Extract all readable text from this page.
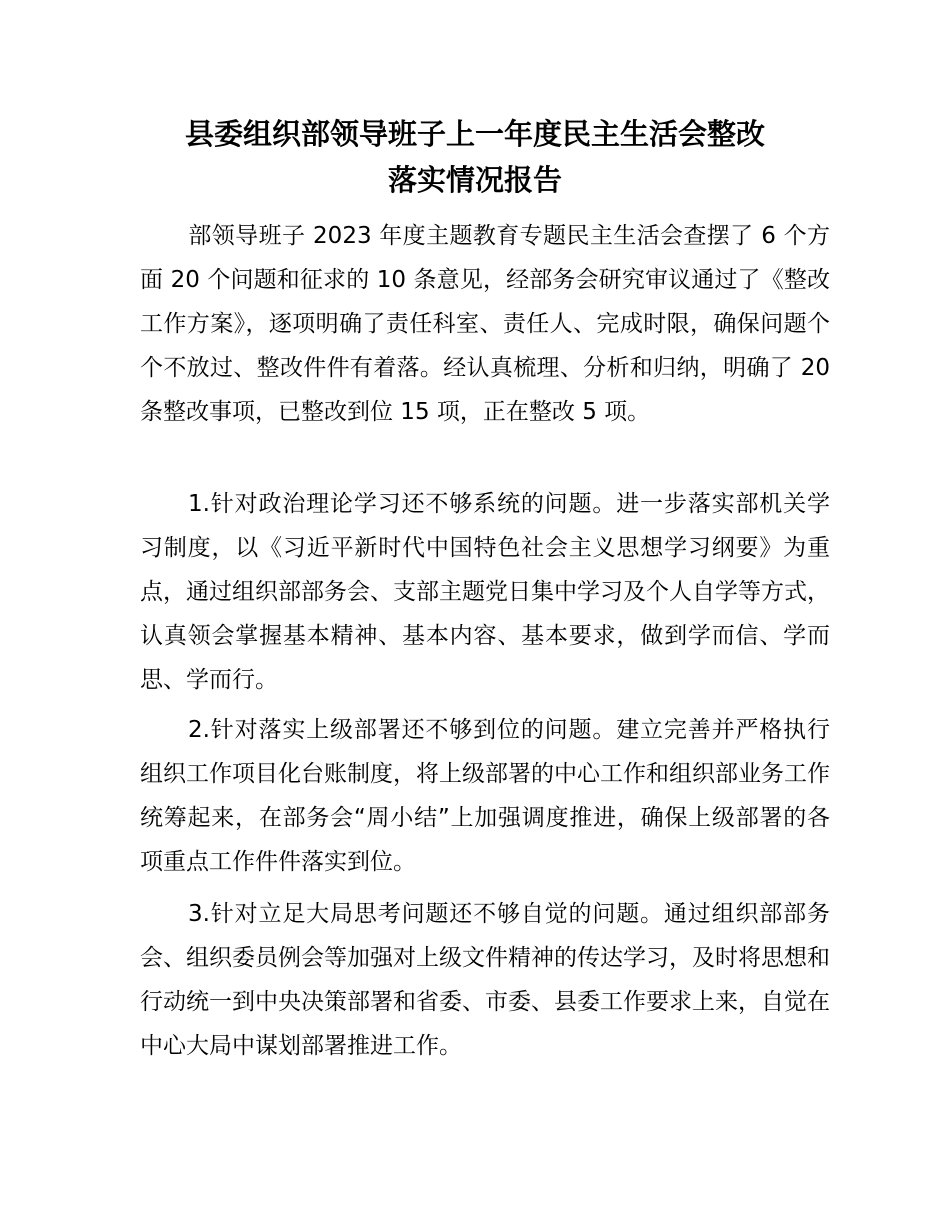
县委组织部领导班子上一年度民主生活会整改
落实情况报告

部领导班子 2023 年度主题教育专题民主生活会查摆了 6 个方面 20 个问题和征求的 10 条意见，经部务会研究审议通过了《整改工作方案》，逐项明确了责任科室、责任人、完成时限，确保问题个个不放过、整改件件有着落。经认真梳理、分析和归纳，明确了 20 条整改事项，已整改到位 15 项，正在整改 5 项。

1.针对政治理论学习还不够系统的问题。进一步落实部机关学习制度，以《习近平新时代中国特色社会主义思想学习纲要》为重点，通过组织部部务会、支部主题党日集中学习及个人自学等方式，认真领会掌握基本精神、基本内容、基本要求，做到学而信、学而思、学而行。

2.针对落实上级部署还不够到位的问题。建立完善并严格执行组织工作项目化台账制度，将上级部署的中心工作和组织部业务工作统筹起来，在部务会“周小结”上加强调度推进，确保上级部署的各项重点工作件件落实到位。

3.针对立足大局思考问题还不够自觉的问题。通过组织部部务会、组织委员例会等加强对上级文件精神的传达学习，及时将思想和行动统一到中央决策部署和省委、市委、县委工作要求上来，自觉在中心大局中谋划部署推进工作。
